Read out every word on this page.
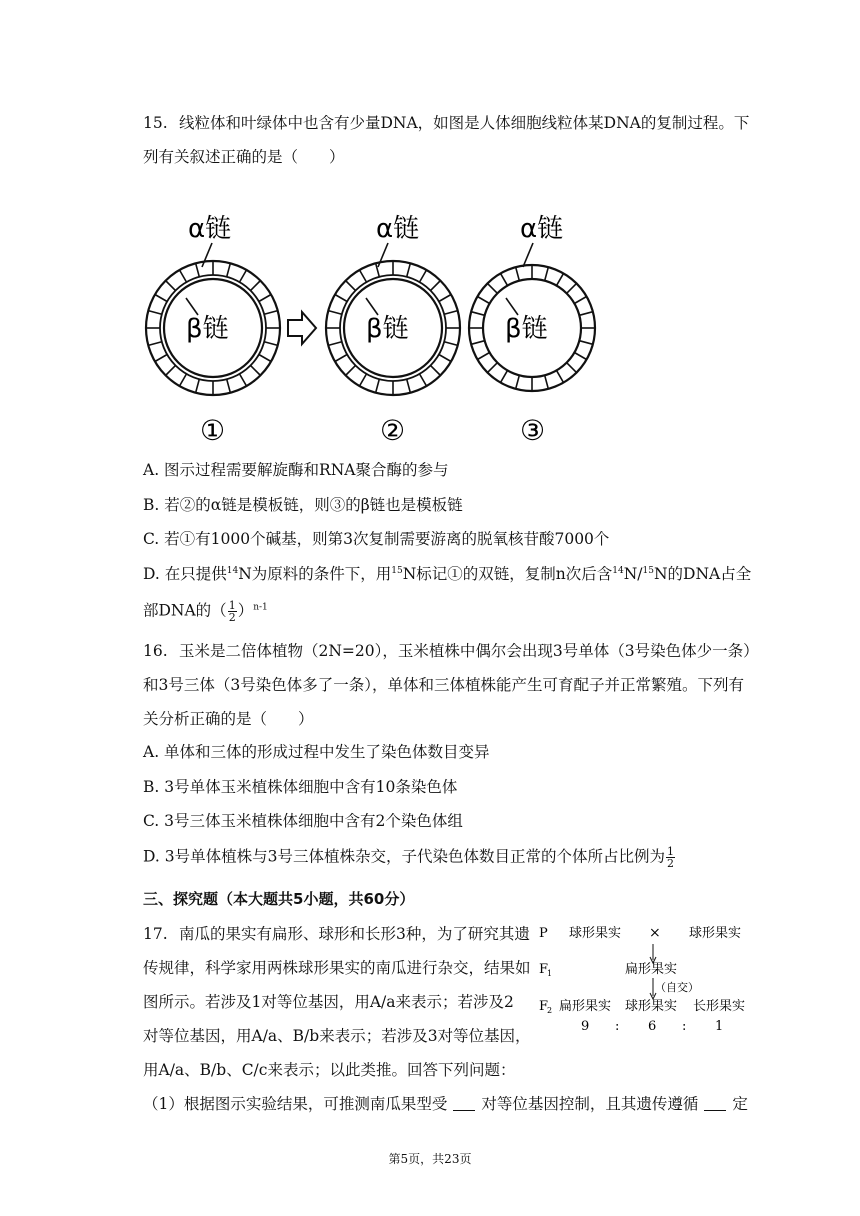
15. 线粒体和叶绿体中也含有少量DNA，如图是人体细胞线粒体某DNA的复制过程。下
列有关叙述正确的是（　　）
α链
β链
α链
β链
α链
β链
①	②	③
A. 图示过程需要解旋酶和RNA聚合酶的参与
B. 若②的α链是模板链，则③的β链也是模板链
C. 若①有1000个碱基，则第3次复制需要游离的脱氧核苷酸7000个
D. 在只提供$^{14}$N为原料的条件下，用$^{15}$N标记①的双链，复制n次后含$^{14}$N/$^{15}$N的DNA占全
部DNA的（ $\frac{1}{2} )^{n-1}$
16. 玉米是二倍体植物（2N=20），玉米植株中偶尔会出现3号单体（3号染色体少一条）
和3号三体（3号染色体多了一条），单体和三体植株能产生可育配子并正常繁殖。下列有
关分析正确的是（　　）
A. 单体和三体的形成过程中发生了染色体数目变异
B. 3号单体玉米植株体细胞中含有10条染色体
C. 3号三体玉米植株体细胞中含有2个染色体组
D. 3号单体植株与3号三体植株杂交，子代染色体数目正常的个体所占比例为 $\frac{1}{2}$
三、探究题（本大题共5小题，共60分）
17. 南瓜的果实有扁形、球形和长形3种，为了研究其遗
传规律，科学家用两株球形果实的南瓜进行杂交，结果如
图所示。若涉及1对等位基因，用A/a来表示；若涉及2
对等位基因，用A/a、B/b来表示；若涉及3对等位基因，
用A/a、B/b、C/c来表示；以此类推。回答下列问题：
（1）根据图示实验结果，可推测南瓜果型受 对等位基因控制，且其遗传遵循 定
P 球形果实 × 球形果实
F
1	扁形果实
（自交）
F
2 扁形果实 球形果实 长形果实
9 : 6 : 1
第5页，共23页
